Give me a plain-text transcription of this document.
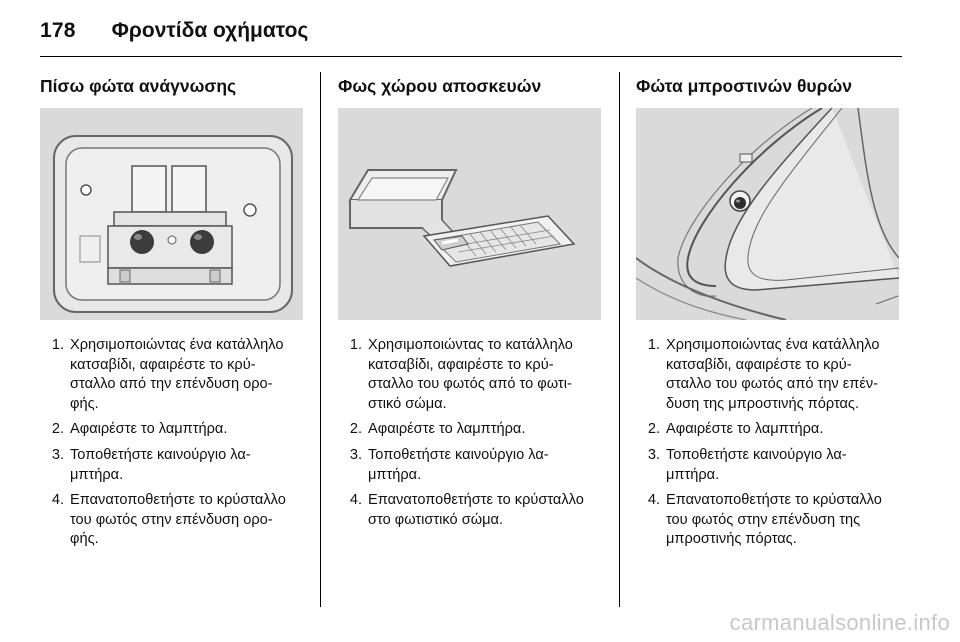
178 Φροντίδα οχήματος
Πίσω φώτα ανάγνωσης
1. Χρησιμοποιώντας ένα κατάλληλο
κατσαβίδι, αφαιρέστε το κρύ-
σταλλο από την επένδυση ορο-
φής.
2. Αφαιρέστε το λαμπτήρα.
3. Τοποθετήστε καινούργιο λα-
μπτήρα.
4. Επανατοποθετήστε το κρύσταλλο
του φωτός στην επένδυση ορο-
φής.
Φως χώρου αποσκευών
1. Χρησιμοποιώντας το κατάλληλο
κατσαβίδι, αφαιρέστε το κρύ-
σταλλο του φωτός από το φωτι-
στικό σώμα.
2. Αφαιρέστε το λαμπτήρα.
3. Τοποθετήστε καινούργιο λα-
μπτήρα.
4. Επανατοποθετήστε το κρύσταλλο
στο φωτιστικό σώμα.
Φώτα μπροστινών θυρών
1. Χρησιμοποιώντας ένα κατάλληλο
κατσαβίδι, αφαιρέστε το κρύ-
σταλλο του φωτός από την επέν-
δυση της μπροστινής πόρτας.
2. Αφαιρέστε το λαμπτήρα.
3. Τοποθετήστε καινούργιο λα-
μπτήρα.
4. Επανατοποθετήστε το κρύσταλλο
του φωτός στην επένδυση της
μπροστινής πόρτας.
carmanualsonline.info
